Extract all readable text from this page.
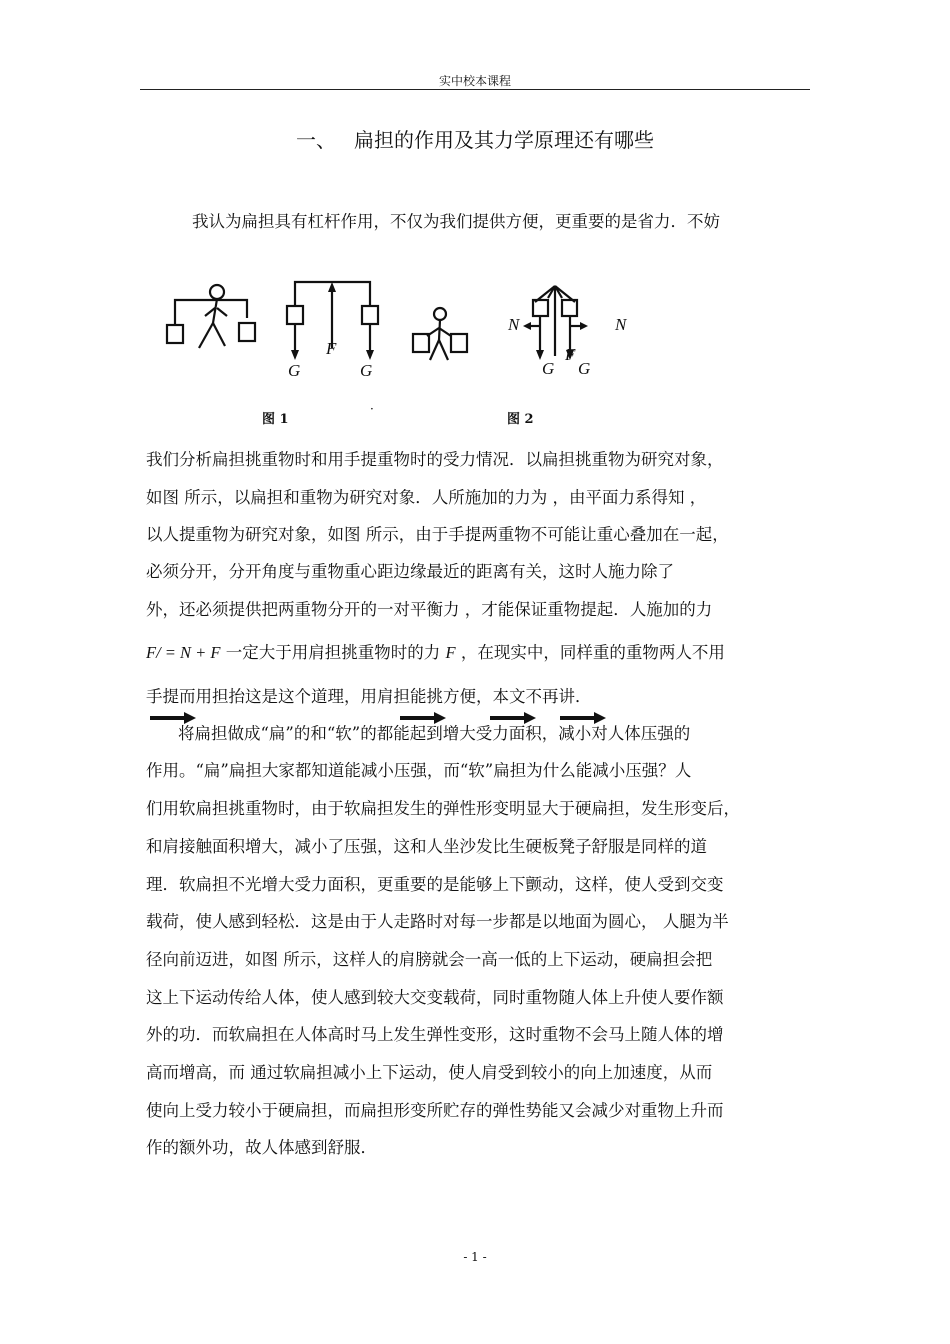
实中校本课程
一、 扁担的作用及其力学原理还有哪些
我认为扁担具有杠杆作用，不仅为我们提供方便，更重要的是省力．不妨
G
F
G
N	N
F
G G
图 1
·
图 2
我们分析扁担挑重物时和用手提重物时的受力情况．以扁担挑重物为研究对象，
如图 所示，以扁担和重物为研究对象．人所施加的力为 ，由平面力系得知 ，
以人提重物为研究对象，如图 所示，由于手提两重物不可能让重心叠加在一起，
必须分开，分开角度与重物重心距边缘最近的距离有关，这时人施力除了
外，还必须提供把两重物分开的一对平衡力 ，才能保证重物提起．人施加的力
F/ = N + F 一定大于用肩担挑重物时的力 F ，在现实中，同样重的重物两人不用
手提而用担抬这是这个道理，用肩担能挑方便，本文不再讲．
将扁担做成“扁”的和“软”的都能起到增大受力面积，减小对人体压强的
作用。“扁”扁担大家都知道能减小压强，而“软”扁担为什么能减小压强？人
们用软扁担挑重物时，由于软扁担发生的弹性形变明显大于硬扁担，发生形变后，
和肩接触面积增大，减小了压强，这和人坐沙发比生硬板凳子舒服是同样的道
理．软扁担不光增大受力面积，更重要的是能够上下颤动，这样，使人受到交变
载荷，使人感到轻松．这是由于人走路时对每一步都是以地面为圆心， 人腿为半
径向前迈进，如图 所示，这样人的肩膀就会一高一低的上下运动，硬扁担会把
这上下运动传给人体，使人感到较大交变载荷，同时重物随人体上升使人要作额
外的功．而软扁担在人体高时马上发生弹性变形，这时重物不会马上随人体的增
高而增高，而 通过软扁担减小上下运动，使人肩受到较小的向上加速度，从而
使向上受力较小于硬扁担，而扁担形变所贮存的弹性势能又会减少对重物上升而
作的额外功，故人体感到舒服．
- 1 -
